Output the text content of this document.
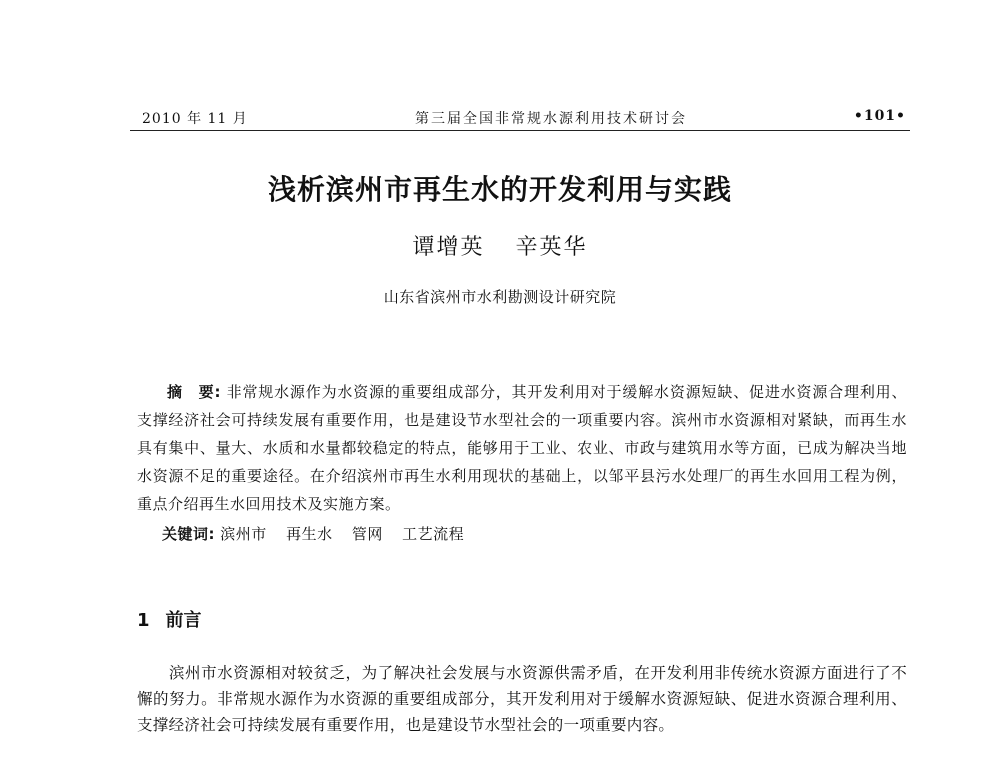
2010 年 11 月	第三届全国非常规水源利用技术研讨会	•101•
浅析滨州市再生水的开发利用与实践
谭增英 辛英华
山东省滨州市水利勘测设计研究院
摘　要: 非常规水源作为水资源的重要组成部分，其开发利用对于缓解水资源短缺、促进水资源合理利用、支撑经济社会可持续发展有重要作用，也是建设节水型社会的一项重要内容。滨州市水资源相对紧缺，而再生水具有集中、量大、水质和水量都较稳定的特点，能够用于工业、农业、市政与建筑用水等方面，已成为解决当地水资源不足的重要途径。在介绍滨州市再生水利用现状的基础上，以邹平县污水处理厂的再生水回用工程为例，重点介绍再生水回用技术及实施方案。
关键词: 滨州市 再生水 管网 工艺流程
1 前言
滨州市水资源相对较贫乏，为了解决社会发展与水资源供需矛盾，在开发利用非传统水资源方面进行了不懈的努力。非常规水源作为水资源的重要组成部分，其开发利用对于缓解水资源短缺、促进水资源合理利用、支撑经济社会可持续发展有重要作用，也是建设节水型社会的一项重要内容。
